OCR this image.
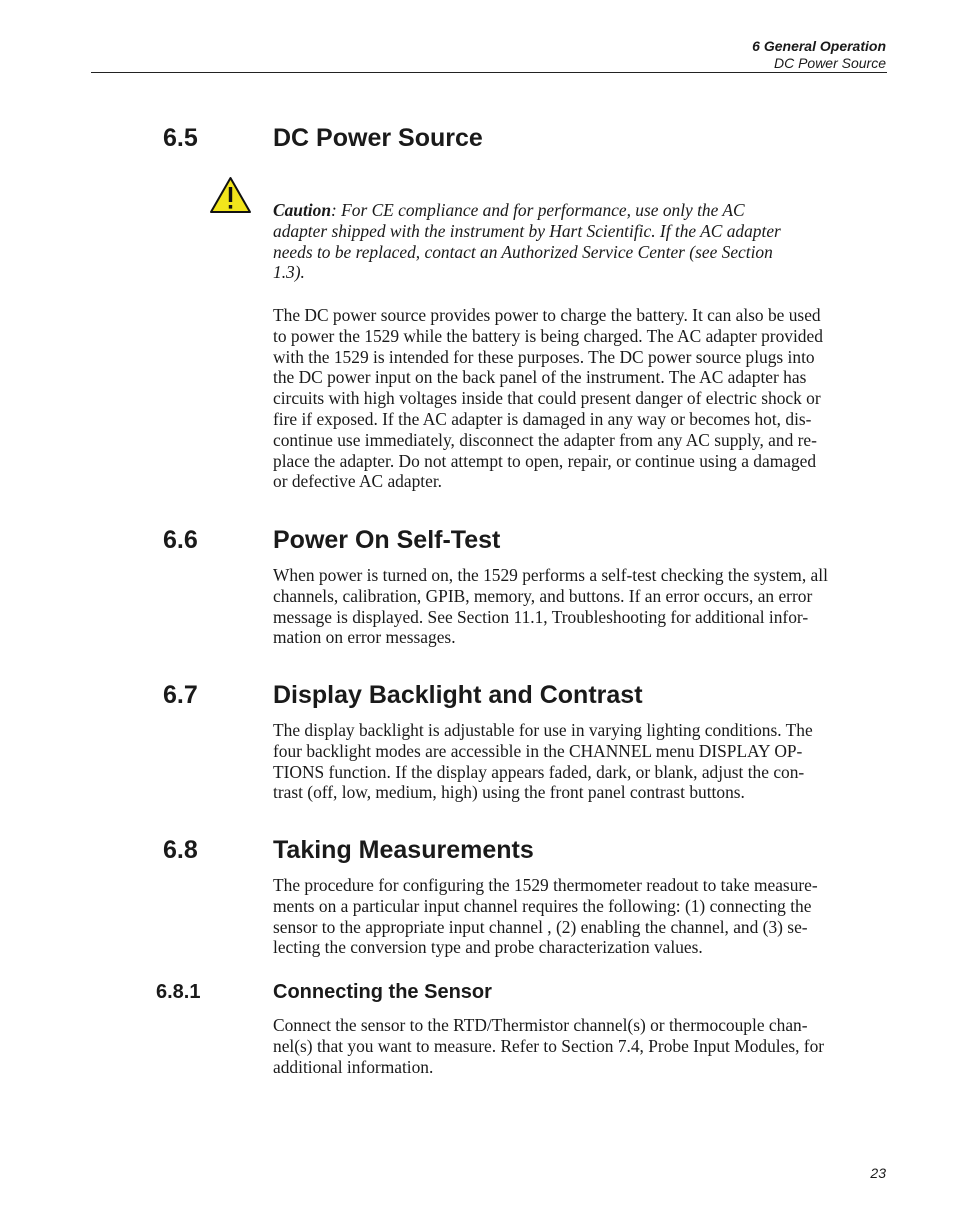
6 General Operation
DC Power Source
6.5	DC Power Source
Caution: For CE compliance and for performance, use only the AC
adapter shipped with the instrument by Hart Scientific. If the AC adapter
needs to be replaced, contact an Authorized Service Center (see Section
1.3).
The DC power source provides power to charge the battery. It can also be used
to power the 1529 while the battery is being charged. The AC adapter provided
with the 1529 is intended for these purposes. The DC power source plugs into
the DC power input on the back panel of the instrument. The AC adapter has
circuits with high voltages inside that could present danger of electric shock or
fire if exposed. If the AC adapter is damaged in any way or becomes hot, dis-
continue use immediately, disconnect the adapter from any AC supply, and re-
place the adapter. Do not attempt to open, repair, or continue using a damaged
or defective AC adapter.
6.6	Power On Self-Test
When power is turned on, the 1529 performs a self-test checking the system, all
channels, calibration, GPIB, memory, and buttons. If an error occurs, an error
message is displayed. See Section 11.1, Troubleshooting for additional infor-
mation on error messages.
6.7	Display Backlight and Contrast
The display backlight is adjustable for use in varying lighting conditions. The
four backlight modes are accessible in the CHANNEL menu DISPLAY OP-
TIONS function. If the display appears faded, dark, or blank, adjust the con-
trast (off, low, medium, high) using the front panel contrast buttons.
6.8	Taking Measurements
The procedure for configuring the 1529 thermometer readout to take measure-
ments on a particular input channel requires the following: (1) connecting the
sensor to the appropriate input channel , (2) enabling the channel, and (3) se-
lecting the conversion type and probe characterization values.
6.8.1	Connecting the Sensor
Connect the sensor to the RTD/Thermistor channel(s) or thermocouple chan-
nel(s) that you want to measure. Refer to Section 7.4, Probe Input Modules, for
additional information.
23
